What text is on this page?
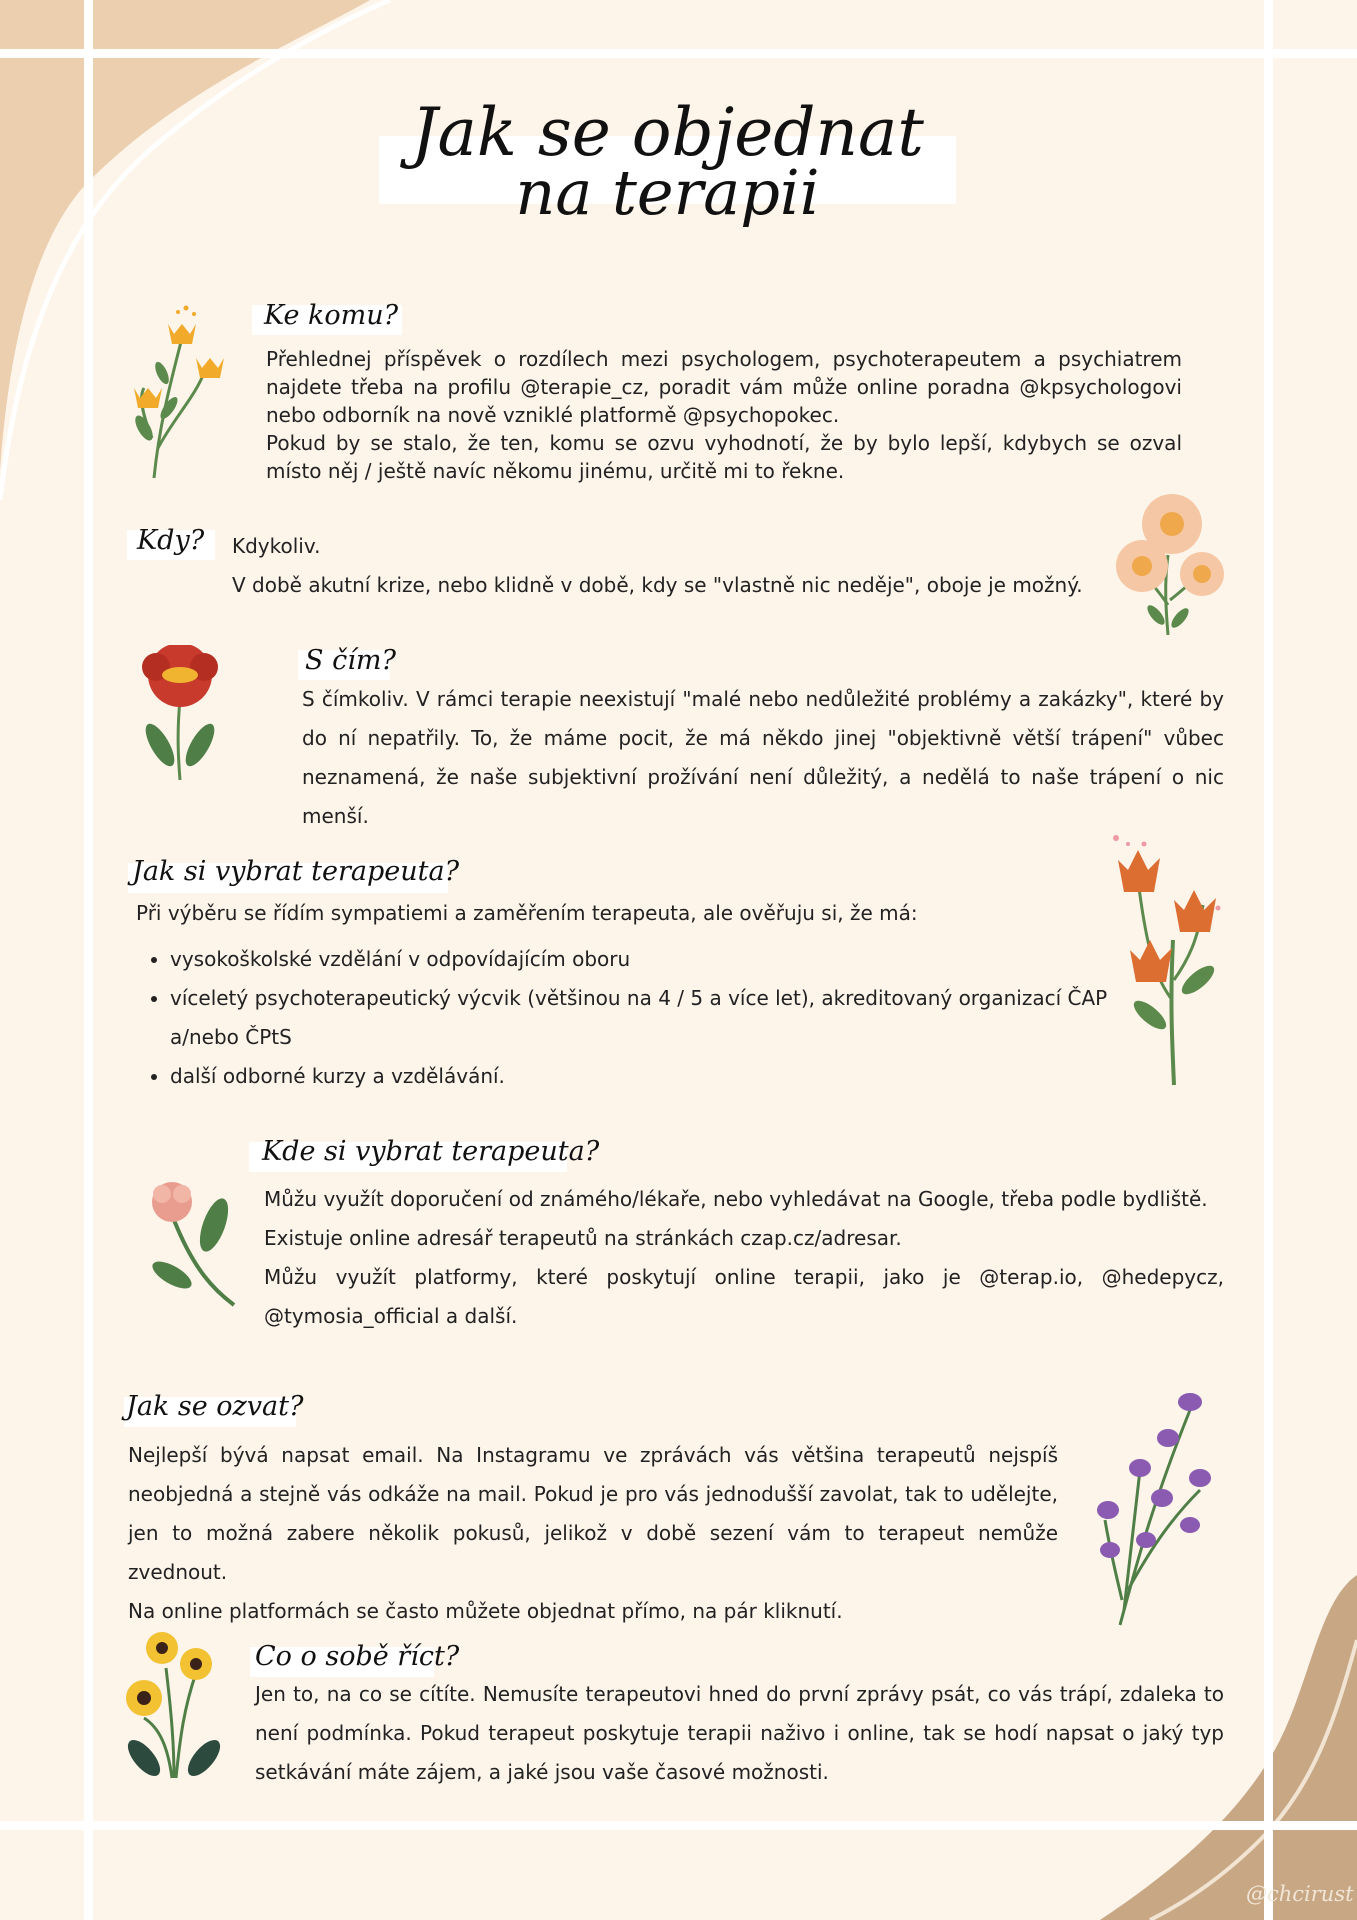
Jak se objednat
na terapii
Ke komu?

Přehlednej příspěvek o rozdílech mezi psychologem, psychoterapeutem a psychiatrem najdete třeba na profilu @terapie_cz, poradit vám může online poradna @kpsychologovi nebo odborník na nově vzniklé platformě @psychopokec.

Pokud by se stalo, že ten, komu se ozvu vyhodnotí, že by bylo lepší, kdybych se ozval místo něj / ještě navíc někomu jinému, určitě mi to řekne.

Kdy? Kdykoliv.
V době akutní krize, nebo klidně v době, kdy se "vlastně nic neděje", oboje je možný.
S čím?
S čímkoliv. V rámci terapie neexistují "malé nebo nedůležité problémy a zakázky", které by do ní nepatřily. To, že máme pocit, že má někdo jinej "objektivně větší trápení" vůbec neznamená, že naše subjektivní prožívání není důležitý, a nedělá to naše trápení o nic menší.
Jak si vybrat terapeuta?
Při výběru se řídím sympatiemi a zaměřením terapeuta, ale ověřuju si, že má:
• vysokoškolské vzdělání v odpovídajícím oboru
• víceletý psychoterapeutický výcvik (většinou na 4 / 5 a více let), akreditovaný organizací ČAP a/nebo ČPtS
• další odborné kurzy a vzdělávání.
Kde si vybrat terapeuta?

Můžu využít doporučení od známého/lékaře, nebo vyhledávat na Google, třeba podle bydliště.

Existuje online adresář terapeutů na stránkách czap.cz/adresar.

Můžu využít platformy, které poskytují online terapii, jako je @terap.io, @hedepycz, @tymosia_official a další.

Jak se ozvat?

Nejlepší bývá napsat email. Na Instagramu ve zprávách vás většina terapeutů nejspíš neobjedná a stejně vás odkáže na mail. Pokud je pro vás jednodušší zavolat, tak to udělejte, jen to možná zabere několik pokusů, jelikož v době sezení vám to terapeut nemůže zvednout.

Na online platformách se často můžete objednat přímo, na pár kliknutí.

Co o sobě říct?
Jen to, na co se cítíte. Nemusíte terapeutovi hned do první zprávy psát, co vás trápí, zdaleka to není podmínka. Pokud terapeut poskytuje terapii naživo i online, tak se hodí napsat o jaký typ setkávání máte zájem, a jaké jsou vaše časové možnosti.
@chcirust
